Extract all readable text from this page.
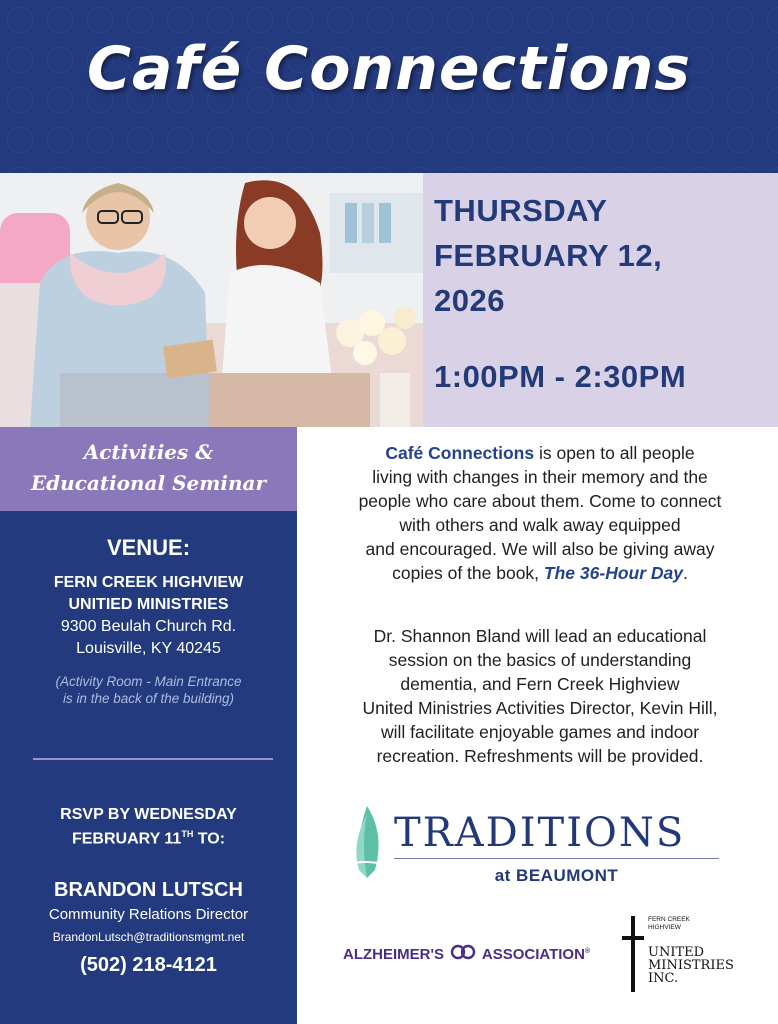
Café Connections
THURSDAY
FEBRUARY 12,
2026
1:00PM - 2:30PM
Activities &
Educational Seminar
VENUE:
FERN CREEK HIGHVIEW
UNITIED MINISTRIES
9300 Beulah Church Rd.
Louisville, KY 40245
(Activity Room - Main Entrance
is in the back of the building)
RSVP BY WEDNESDAY
FEBRUARY 11TH TO:
BRANDON LUTSCH
Community Relations Director
BrandonLutsch@traditionsmgmt.net
(502) 218-4121
Café Connections is open to all people
living with changes in their memory and the
people who care about them. Come to connect
with others and walk away equipped
and encouraged. We will also be giving away
copies of the book, The 36-Hour Day.
Dr. Shannon Bland will lead an educational
session on the basics of understanding
dementia, and Fern Creek Highview
United Ministries Activities Director, Kevin Hill,
will facilitate enjoyable games and indoor
recreation. Refreshments will be provided.
TRADITIONS
at BEAUMONT
ALZHEIMER'S	ASSOCIATION®
FERN CREEK
HIGHVIEW
UNITED
MINISTRIES
INC.
